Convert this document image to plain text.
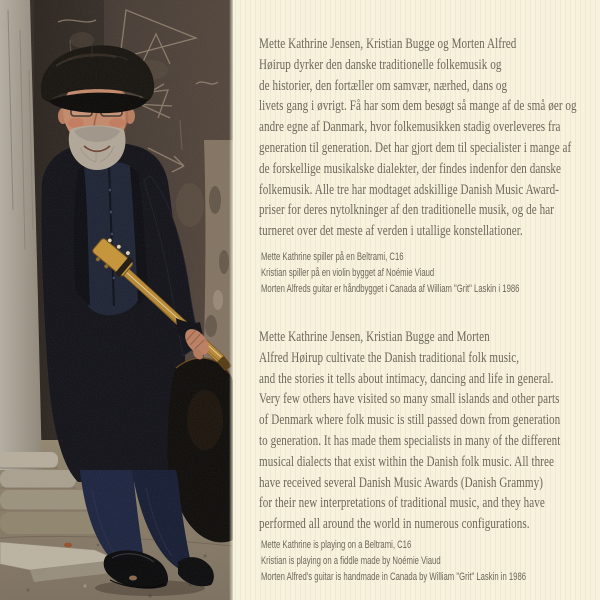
Mette Kathrine Jensen, Kristian Bugge og Morten Alfred
Høirup dyrker den danske traditionelle folkemusik og
de historier, den fortæller om samvær, nærhed, dans og
livets gang i øvrigt. Få har som dem besøgt så mange af de små øer og
andre egne af Danmark, hvor folkemusikken stadig overleveres fra
generation til generation. Det har gjort dem til specialister i mange af
de forskellige musikalske dialekter, der findes indenfor den danske
folkemusik. Alle tre har modtaget adskillige Danish Music Award-
priser for deres nytolkninger af den traditionelle musik, og de har
turneret over det meste af verden i utallige konstellationer.
Mette Kathrine spiller på en Beltrami, C16
Kristian spiller på en violin bygget af Noémie Viaud
Morten Alfreds guitar er håndbygget i Canada af William "Grit" Laskin i 1986
Mette Kathrine Jensen, Kristian Bugge and Morten
Alfred Høirup cultivate the Danish traditional folk music,
and the stories it tells about intimacy, dancing and life in general.
Very few others have visited so many small islands and other parts
of Denmark where folk music is still passed down from generation
to generation. It has made them specialists in many of the different
musical dialects that exist within the Danish folk music. All three
have received several Danish Music Awards (Danish Grammy)
for their new interpretations of traditional music, and they have
performed all around the world in numerous configurations.
Mette Kathrine is playing on a Beltrami, C16
Kristian is playing on a fiddle made by Noémie Viaud
Morten Alfred's guitar is handmade in Canada by William "Grit" Laskin in 1986
